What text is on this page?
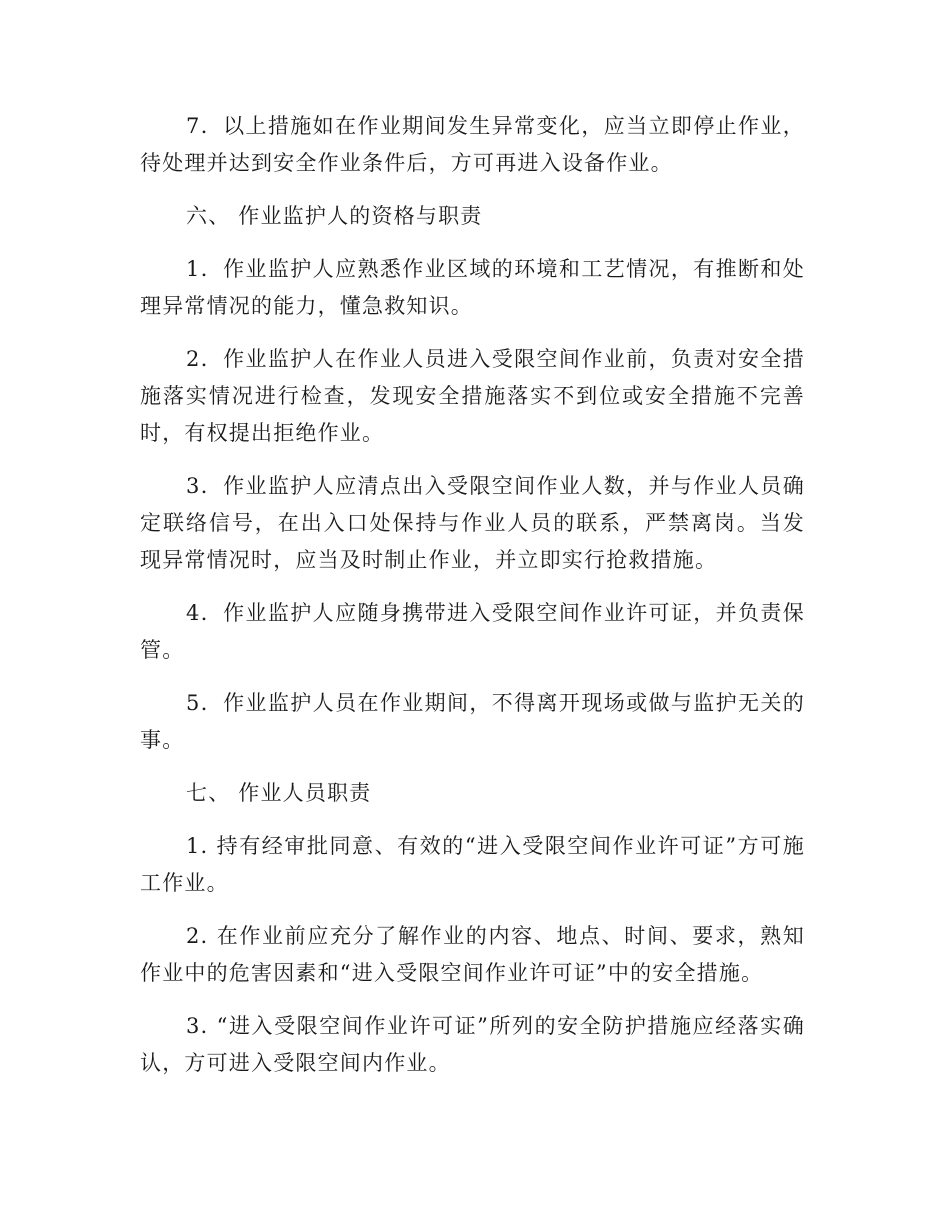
7．以上措施如在作业期间发生异常变化，应当立即停止作业，待处理并达到安全作业条件后，方可再进入设备作业。

六、 作业监护人的资格与职责

1．作业监护人应熟悉作业区域的环境和工艺情况，有推断和处理异常情况的能力，懂急救知识。

2．作业监护人在作业人员进入受限空间作业前，负责对安全措施落实情况进行检查，发现安全措施落实不到位或安全措施不完善时，有权提出拒绝作业。

3．作业监护人应清点出入受限空间作业人数，并与作业人员确定联络信号，在出入口处保持与作业人员的联系，严禁离岗。当发现异常情况时，应当及时制止作业，并立即实行抢救措施。

4．作业监护人应随身携带进入受限空间作业许可证，并负责保管。

5．作业监护人员在作业期间，不得离开现场或做与监护无关的事。

七、 作业人员职责

1. 持有经审批同意、有效的“进入受限空间作业许可证”方可施工作业。

2. 在作业前应充分了解作业的内容、地点、时间、要求，熟知作业中的危害因素和“进入受限空间作业许可证”中的安全措施。

3. “进入受限空间作业许可证”所列的安全防护措施应经落实确认，方可进入受限空间内作业。
